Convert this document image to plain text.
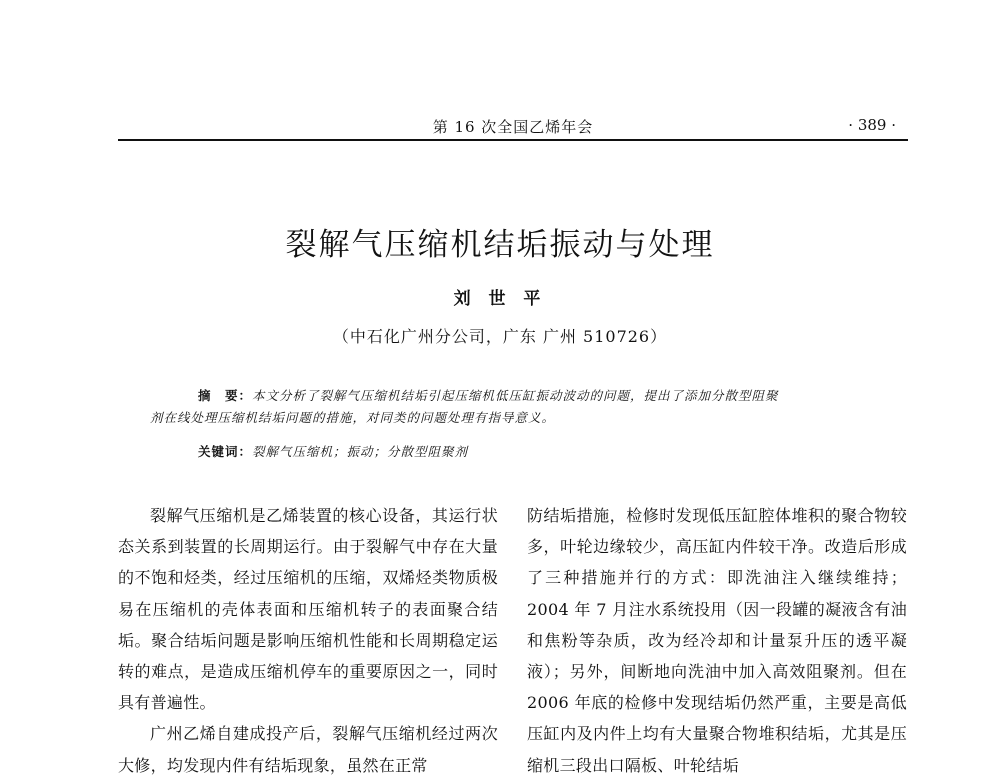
第 16 次全国乙烯年会	· 389 ·
裂解气压缩机结垢振动与处理
刘 世 平
（中石化广州分公司，广东 广州 510726）
摘　要：本文分析了裂解气压缩机结垢引起压缩机低压缸振动波动的问题，提出了添加分散型阻聚
剂在线处理压缩机结垢问题的措施，对同类的问题处理有指导意义。
关键词：裂解气压缩机；振动；分散型阻聚剂

裂解气压缩机是乙烯装置的核心设备，其运行状态关系到装置的长周期运行。由于裂解气中存在大量的不饱和烃类，经过压缩机的压缩，双烯烃类物质极易在压缩机的壳体表面和压缩机转子的表面聚合结垢。聚合结垢问题是影响压缩机性能和长周期稳定运转的难点，是造成压缩机停车的重要原因之一，同时具有普遍性。

广州乙烯自建成投产后，裂解气压缩机经过两次大修，均发现内件有结垢现象，虽然在正常

防结垢措施，检修时发现低压缸腔体堆积的聚合物较多，叶轮边缘较少，高压缸内件较干净。改造后形成了三种措施并行的方式：即洗油注入继续维持；2004 年 7 月注水系统投用（因一段罐的凝液含有油和焦粉等杂质，改为经冷却和计量泵升压的透平凝液）；另外，间断地向洗油中加入高效阻聚剂。但在 2006 年底的检修中发现结垢仍然严重，主要是高低压缸内及内件上均有大量聚合物堆积结垢，尤其是压缩机三段出口隔板、叶轮结垢
